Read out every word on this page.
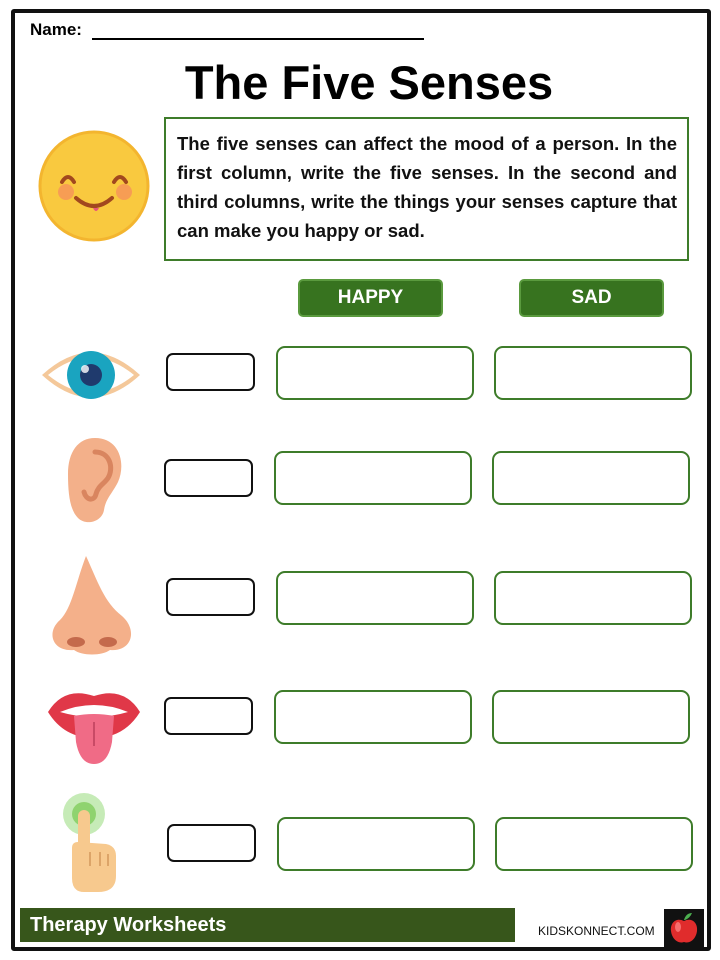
Name:
The Five Senses
The five senses can affect the mood of a person. In the first column, write the five senses. In the second and third columns, write the things your senses capture that can make you happy or sad.
HAPPY	SAD
Therapy Worksheets	KIDSKONNECT.COM
